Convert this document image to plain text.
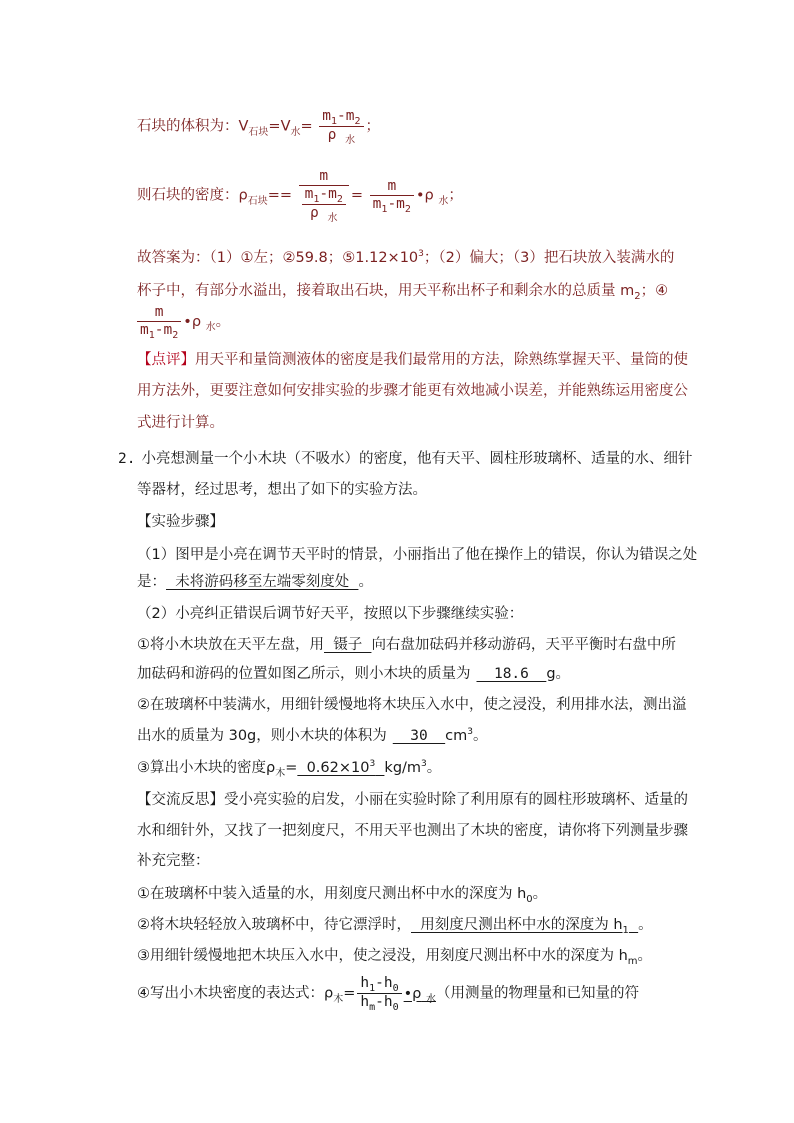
石块的体积为：$V_{石块}=V_水= \frac{m_1-m_2}{\rho _水}$ ；
则石块的密度：$\rho_{石块}== \frac{m}{\frac{m_1-m_2}{\rho _水}} = \frac{m}{m_1-m_2}$ •ρ $_水$；
故答案为：（1）①左；②59.8；$⑤1.12\times 10^3$；（2）偏大；（3）把石块放入装满水的
杯子中，有部分水溢出，接着取出石块，用天平称出杯子和剩余水的总质量 $m_2$；④
$\frac{m}{m_1-m_2}$ •ρ $_水$。
【点评】用天平和量筒测液体的密度是我们最常用的方法，除熟练掌握天平、量筒的使
用方法外，更要注意如何安排实验的步骤才能更有效地减小误差，并能熟练运用密度公
式进行计算。
2. 小亮想测量一个小木块（不吸水）的密度，他有天平、圆柱形玻璃杯、适量的水、细针
等器材，经过思考，想出了如下的实验方法。
【实验步骤】
（1）图甲是小亮在调节天平时的情景，小丽指出了他在操作上的错误，你认为错误之处
是：  未将游码移至左端零刻度处  。
（2）小亮纠正错误后调节好天平，按照以下步骤继续实验：
①将小木块放在天平左盘，用  镊子  向右盘加砝码并移动游码，天平平衡时右盘中所
加砝码和游码的位置如图乙所示，则小木块的质量为  18.6  g。
②在玻璃杯中装满水，用细针缓慢地将木块压入水中，使之浸没，利用排水法，测出溢
出水的质量为 30g，则小木块的体积为  30  $cm^3$。
③算出小木块的密度$\rho_木= 0.62\times 10^3$ $kg/m^3$。
【交流反思】受小亮实验的启发，小丽在实验时除了利用原有的圆柱形玻璃杯、适量的
水和细针外，又找了一把刻度尺，不用天平也测出了木块的密度，请你将下列测量步骤
补充完整：
①在玻璃杯中装入适量的水，用刻度尺测出杯中水的深度为 $h_0$。
②将木块轻轻放入玻璃杯中，待它漂浮时，  用刻度尺测出杯中水的深度为 $h_1$ 。
③用细针缓慢地把木块压入水中，使之浸没，用刻度尺测出杯中水的深度为 $h_m$。
④写出小木块密度的表达式：$\rho_木= \frac{h_1-h_0}{h_m-h_0}$ •ρ $_水$（用测量的物理量和已知量的符
